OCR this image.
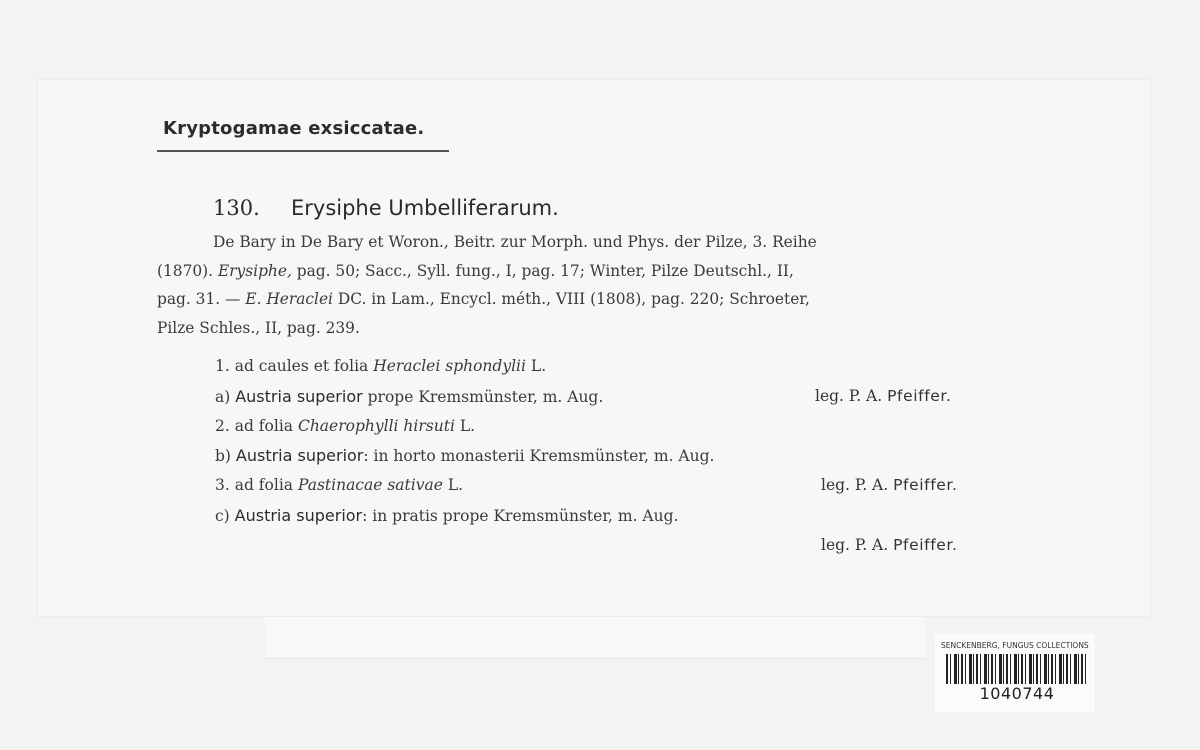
Kryptogamae exsiccatae.
130. Erysiphe Umbelliferarum.
De Bary in De Bary et Woron., Beitr. zur Morph. und Phys. der Pilze, 3. Reihe
(1870). Erysiphe, pag. 50; Sacc., Syll. fung., I, pag. 17; Winter, Pilze Deutschl., II,
pag. 31. — E. Heraclei DC. in Lam., Encycl. méth., VIII (1808), pag. 220; Schroeter,
Pilze Schles., II, pag. 239.
1. ad caules et folia Heraclei sphondylii L.
a) Austria superior prope Kremsmünster, m. Aug.	leg. P. A. Pfeiffer.
2. ad folia Chaerophylli hirsuti L.
b) Austria superior: in horto monasterii Kremsmünster, m. Aug.
3. ad folia Pastinacae sativae L.	leg. P. A. Pfeiffer.
c) Austria superior: in pratis prope Kremsmünster, m. Aug.
leg. P. A. Pfeiffer.
SENCKENBERG, FUNGUS COLLECTIONS
1040744
